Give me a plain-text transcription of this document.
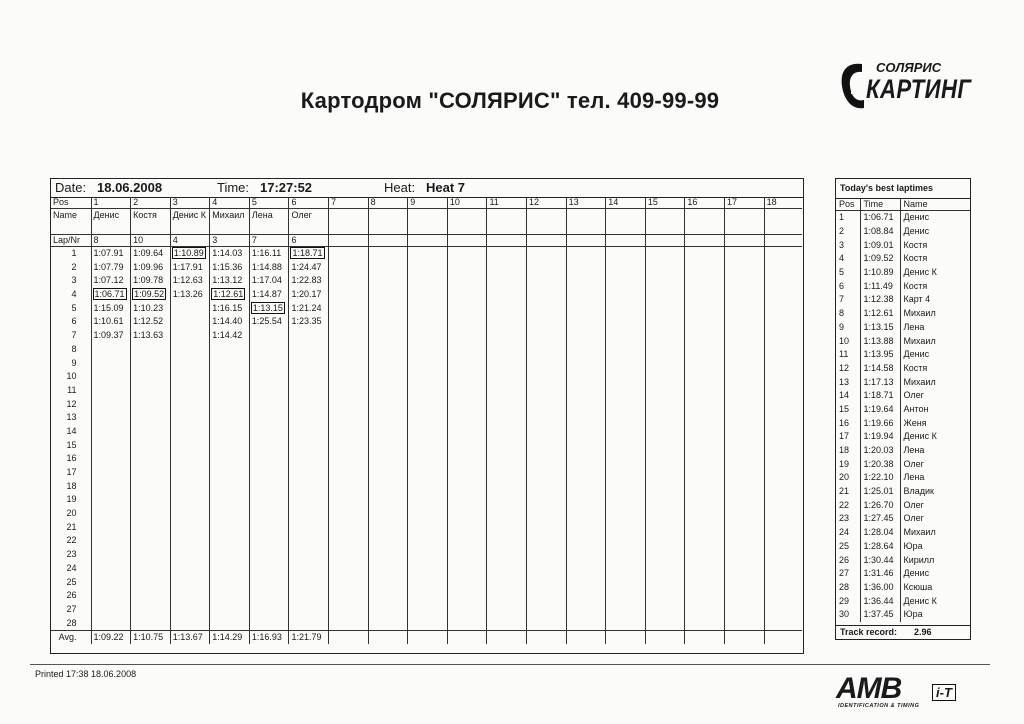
Картодром "СОЛЯРИС" тел. 409-99-99
СОЛЯРИС
КАРТИНГ
Date: 18.06.2008	Time: 17:27:52	Heat: Heat 7
Pos	1	2	3	4	5	6	7	8	9	10	11	12	13	14	15	16	17	18
Name	Денис	Костя	Денис К	Михаил	Лена	Олег												
Lap/Nr	8	10	4	3	7	6												
1	1:07.91	1:09.64	1:10.89	1:14.03	1:16.11	1:18.71												
2	1:07.79	1:09.96	1:17.91	1:15.36	1:14.88	1:24.47												
3	1:07.12	1:09.78	1:12.63	1:13.12	1:17.04	1:22.83												
4	1:06.71	1:09.52	1:13.26	1:12.61	1:14.87	1:20.17												
5	1:15.09	1:10.23		1:16.15	1:13.15	1:21.24												
6	1:10.61	1:12.52		1:14.40	1:25.54	1:23.35												
7	1:09.37	1:13.63		1:14.42														
8																		
9																		
10																		
11																		
12																		
13																		
14																		
15																		
16																		
17																		
18																		
19																		
20																		
21																		
22																		
23																		
24																		
25																		
26																		
27																		
28																		
Avg.	1:09.22	1:10.75	1:13.67	1:14.29	1:16.93	1:21.79												
Today's best laptimes
Pos	Time	Name
1	1:06.71	Денис
2	1:08.84	Денис
3	1:09.01	Костя
4	1:09.52	Костя
5	1:10.89	Денис К
6	1:11.49	Костя
7	1:12.38	Карт 4
8	1:12.61	Михаил
9	1:13.15	Лена
10	1:13.88	Михаил
11	1:13.95	Денис
12	1:14.58	Костя
13	1:17.13	Михаил
14	1:18.71	Олег
15	1:19.64	Антон
16	1:19.66	Женя
17	1:19.94	Денис К
18	1:20.03	Лена
19	1:20.38	Олег
20	1:22.10	Лена
21	1:25.01	Владик
22	1:26.70	Олег
23	1:27.45	Олег
24	1:28.04	Михаил
25	1:28.64	Юра
26	1:30.44	Кирилл
27	1:31.46	Денис
28	1:36.00	Ксюша
29	1:36.44	Денис К
30	1:37.45	Юра
Track record: 2.96
Printed 17:38 18.06.2008	AMB	i-T
IDENTIFICATION & TIMING
